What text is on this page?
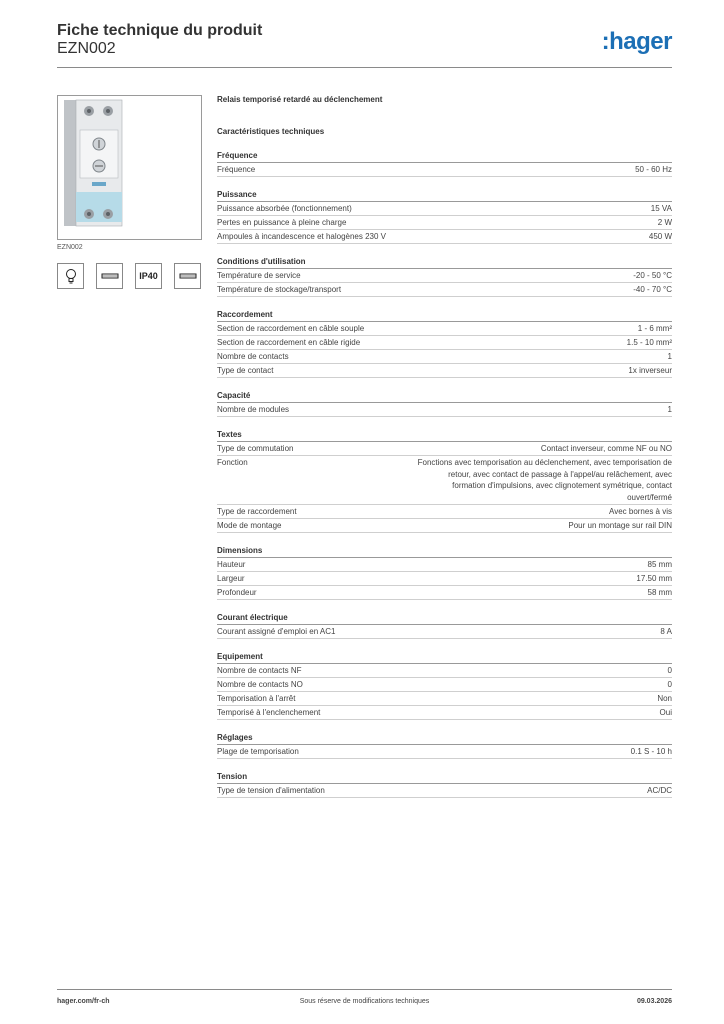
Fiche technique du produit
EZN002	:hager
EZN002
IP40
Relais temporisé retardé au déclenchement
Caractéristiques techniques
Fréquence
Fréquence	50 - 60 Hz
Puissance
Puissance absorbée (fonctionnement)	15 VA
Pertes en puissance à pleine charge	2 W
Ampoules à incandescence et halogènes 230 V	450 W
Conditions d'utilisation
Température de service	-20 - 50 °C
Température de stockage/transport	-40 - 70 °C
Raccordement
Section de raccordement en câble souple	1 - 6 mm²
Section de raccordement en câble rigide	1.5 - 10 mm²
Nombre de contacts	1
Type de contact	1x inverseur
Capacité
Nombre de modules	1
Textes
Type de commutation	Contact inverseur, comme NF ou NO
Fonction	Fonctions avec temporisation au déclenchement, avec temporisation de retour, avec contact de passage à l'appel/au relâchement, avec formation d'impulsions, avec clignotement symétrique, contact ouvert/fermé
Type de raccordement	Avec bornes à vis
Mode de montage	Pour un montage sur rail DIN
Dimensions
Hauteur	85 mm
Largeur	17.50 mm
Profondeur	58 mm
Courant électrique
Courant assigné d'emploi en AC1	8 A
Equipement
Nombre de contacts NF	0
Nombre de contacts NO	0
Temporisation à l'arrêt	Non
Temporisé à l'enclenchement	Oui
Réglages
Plage de temporisation	0.1 S - 10 h
Tension
Type de tension d'alimentation	AC/DC
hager.com/fr-ch	Sous réserve de modifications techniques	09.03.2026
